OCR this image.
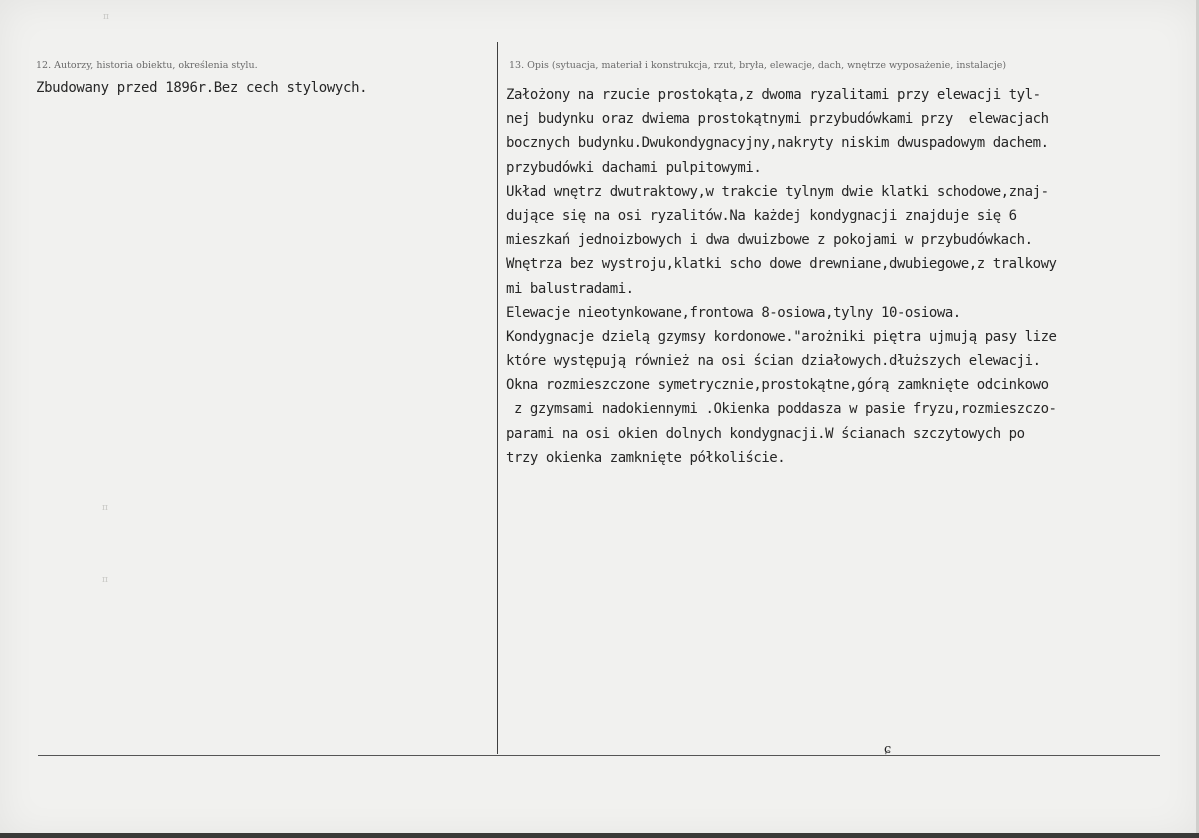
π
π
π
ɕ
12. Autorzy, historia obiektu, określenia stylu.
Zbudowany przed 1896r.Bez cech stylowych.
13. Opis (sytuacja, materiał i konstrukcja, rzut, bryła, elewacje, dach, wnętrze wyposażenie, instalacje)
Założony na rzucie prostokąta,z dwoma ryzalitami przy elewacji tyl-
nej budynku oraz dwiema prostokątnymi przybudówkami przy  elewacjach
bocznych budynku.Dwukondygnacyjny,nakryty niskim dwuspadowym dachem.
przybudówki dachami pulpitowymi.
Układ wnętrz dwutraktowy,w trakcie tylnym dwie klatki schodowe,znaj-
dujące się na osi ryzalitów.Na każdej kondygnacji znajduje się 6
mieszkań jednoizbowych i dwa dwuizbowe z pokojami w przybudówkach.
Wnętrza bez wystroju,klatki scho dowe drewniane,dwubiegowe,z tralkowy
mi balustradami.
Elewacje nieotynkowane,frontowa 8-osiowa,tylny 10-osiowa.
Kondygnacje dzielą gzymsy kordonowe."arożniki piętra ujmują pasy lize
które występują również na osi ścian działowych.dłuższych elewacji.
Okna rozmieszczone symetrycznie,prostokątne,górą zamknięte odcinkowo
z gzymsami nadokiennymi .Okienka poddasza w pasie fryzu,rozmieszczo-
parami na osi okien dolnych kondygnacji.W ścianach szczytowych po
trzy okienka zamknięte półkoliście.
